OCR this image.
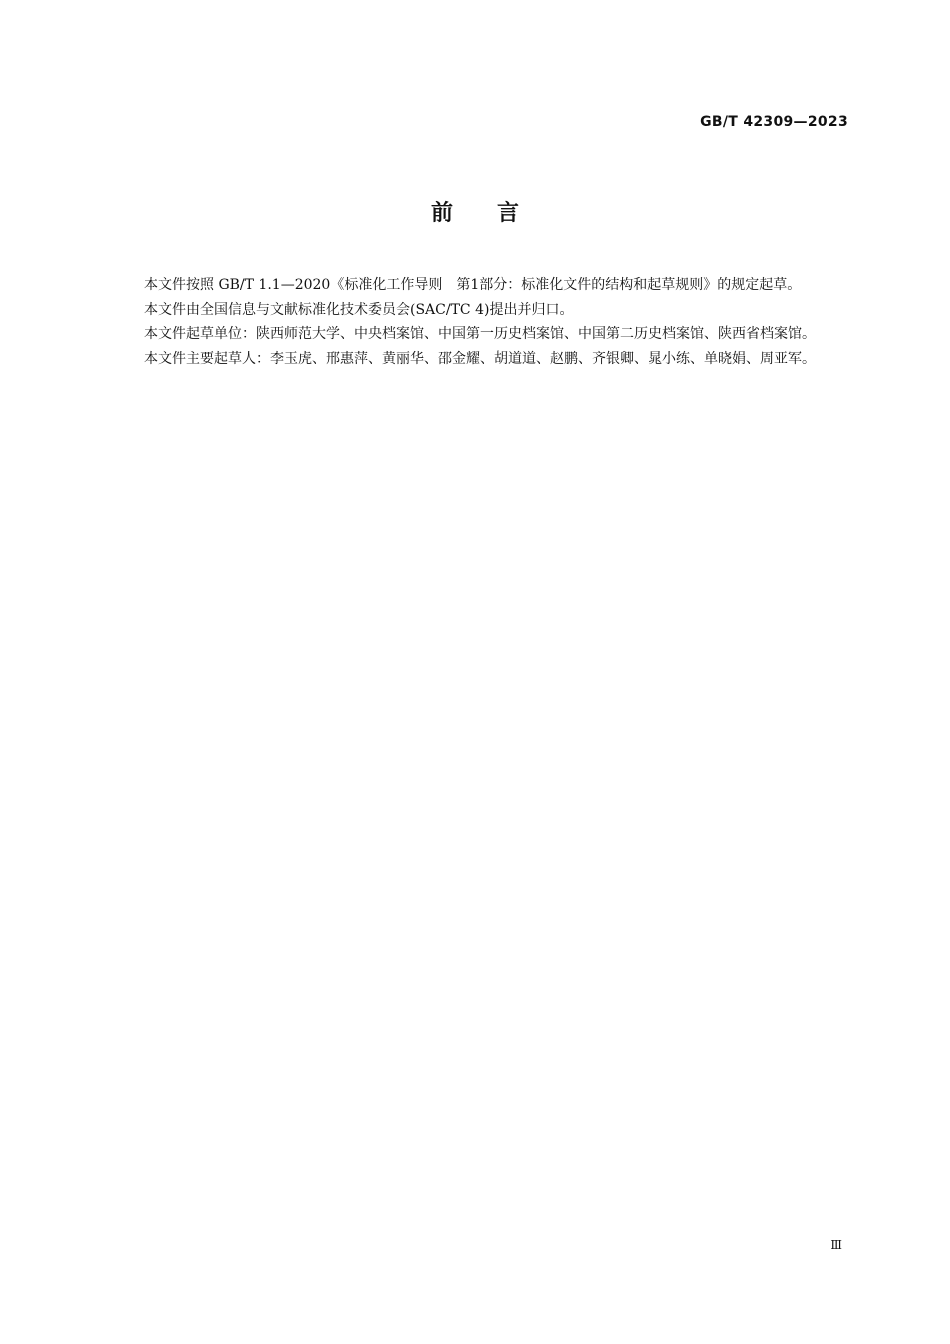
GB/T 42309—2023
前 言

本文件按照 GB/T 1.1—2020《标准化工作导则　第1部分：标准化文件的结构和起草规则》的规定起草。

本文件由全国信息与文献标准化技术委员会(SAC/TC 4)提出并归口。

本文件起草单位：陕西师范大学、中央档案馆、中国第一历史档案馆、中国第二历史档案馆、陕西省档案馆。

本文件主要起草人：李玉虎、邢惠萍、黄丽华、邵金耀、胡道道、赵鹏、齐银卿、晁小练、单晓娟、周亚军。

Ⅲ
